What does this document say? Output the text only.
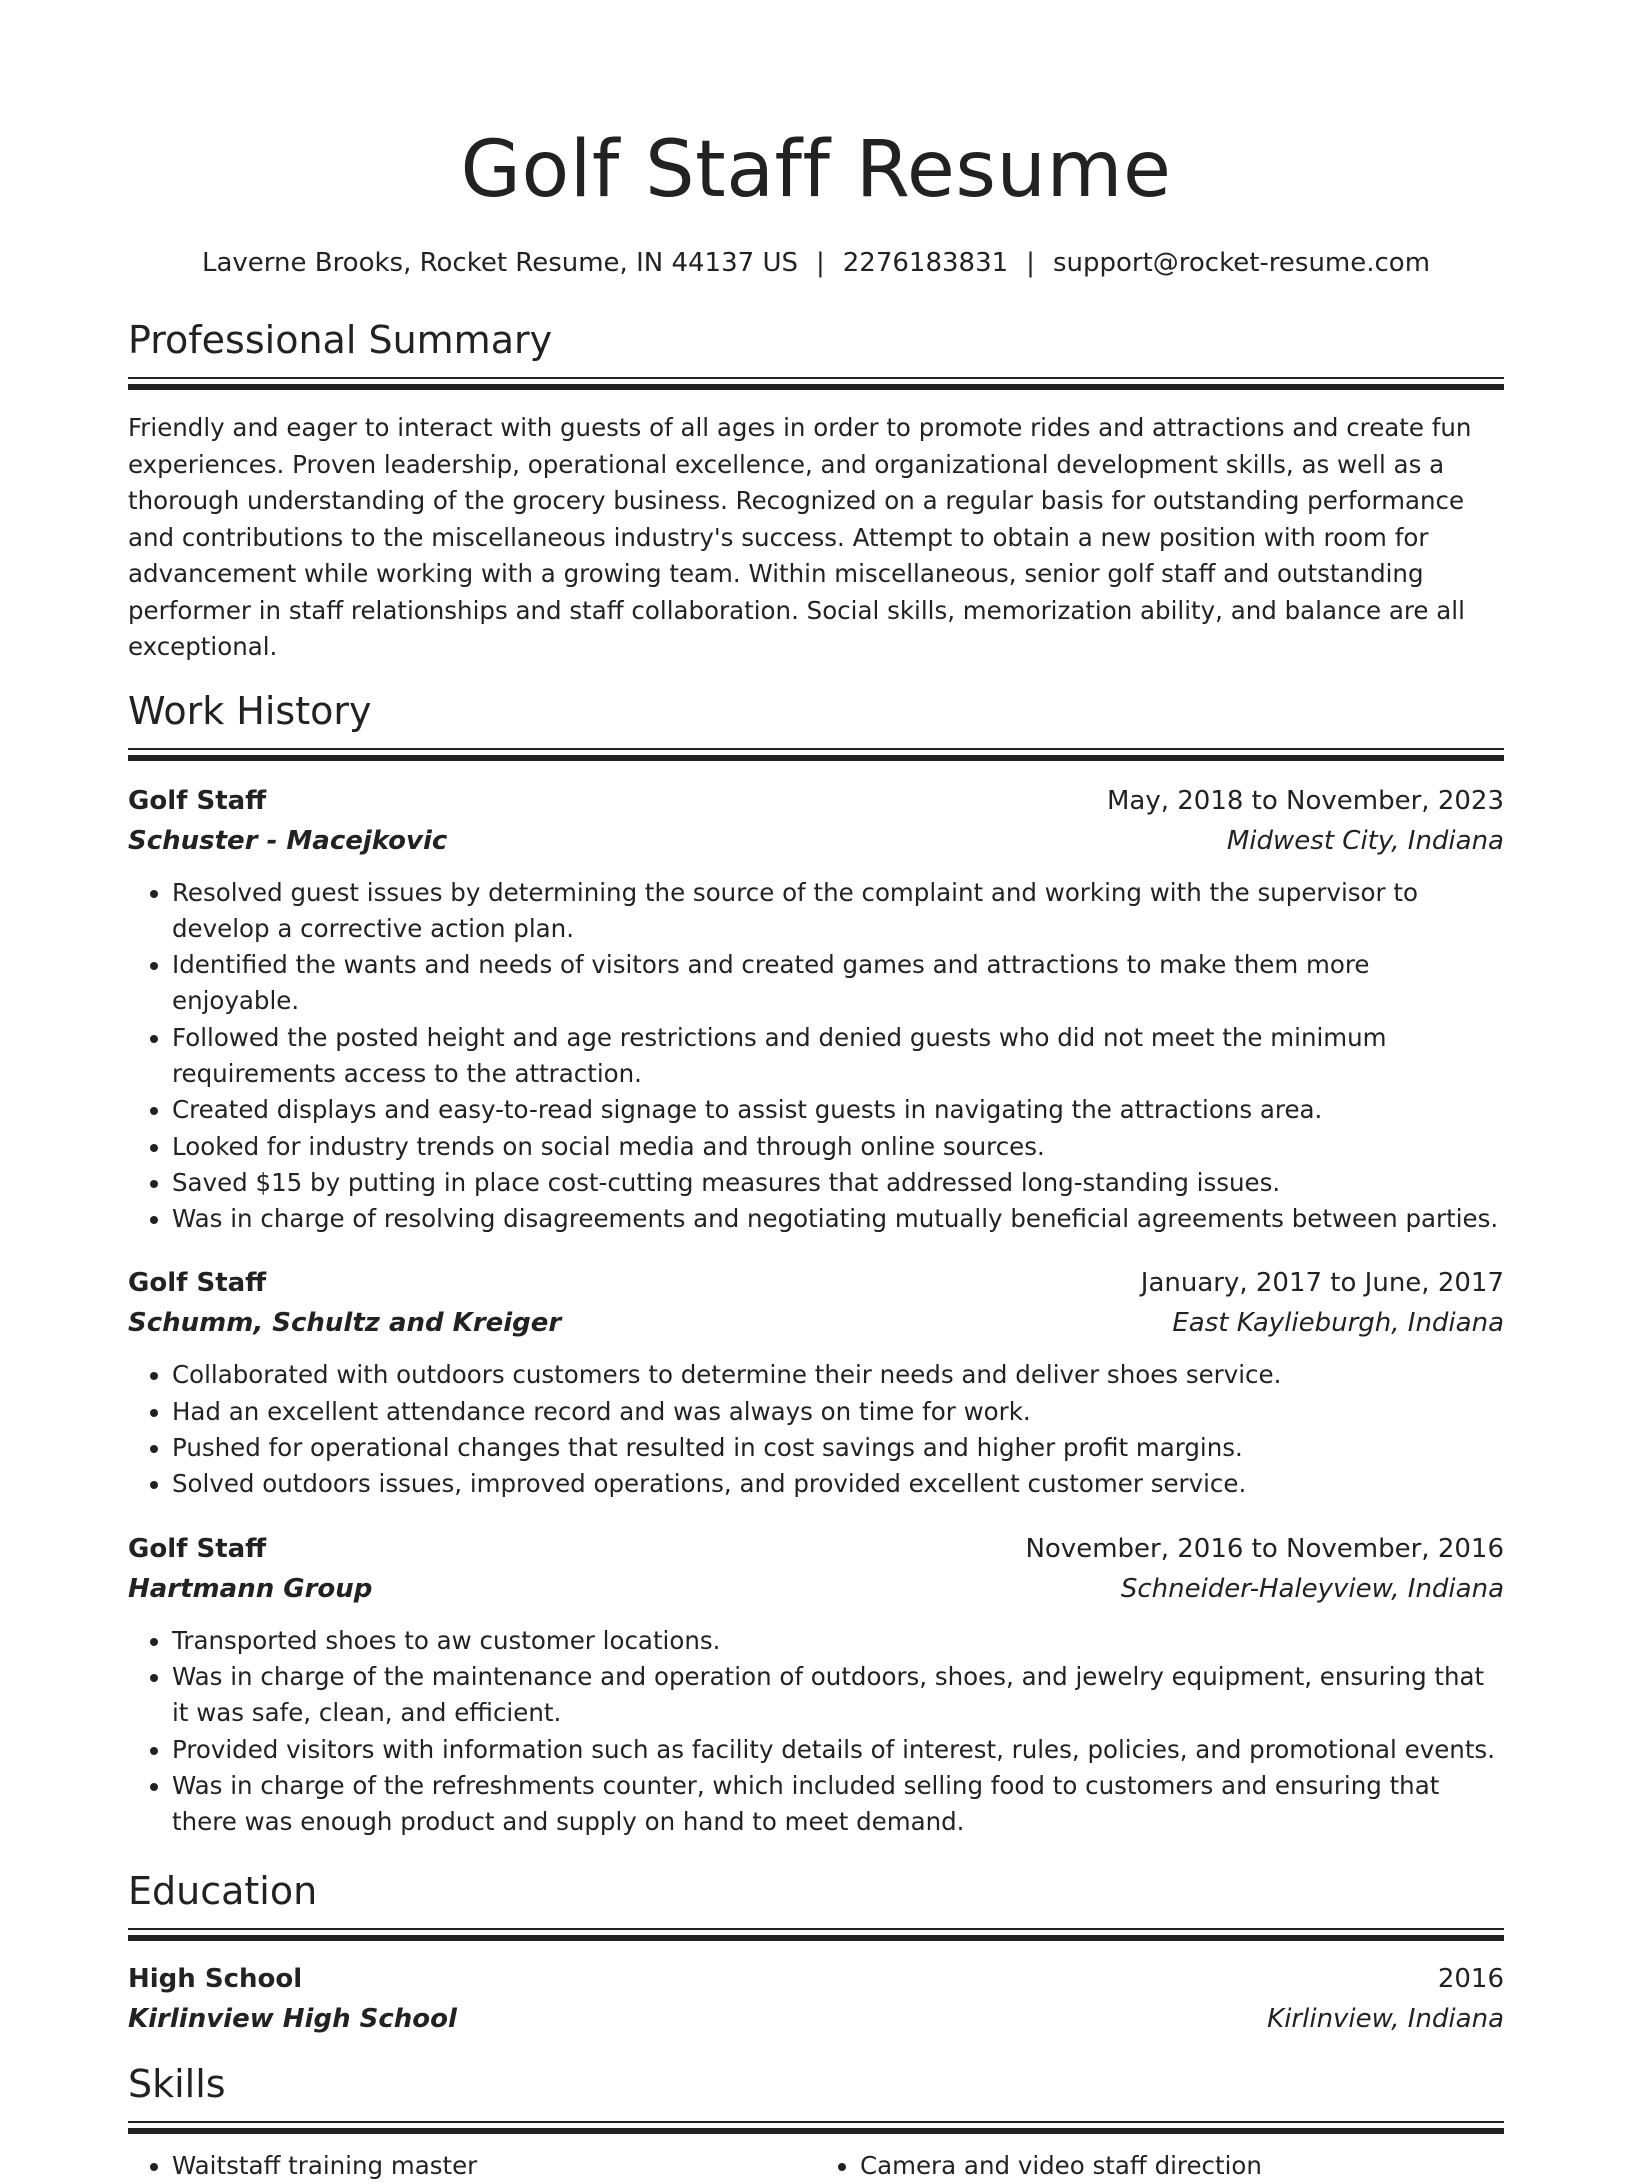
Golf Staff Resume
Laverne Brooks, Rocket Resume, IN 44137 US | 2276183831 | support@rocket-resume.com
Professional Summary

Friendly and eager to interact with guests of all ages in order to promote rides and attractions and create fun experiences. Proven leadership, operational excellence, and organizational development skills, as well as a thorough understanding of the grocery business. Recognized on a regular basis for outstanding performance and contributions to the miscellaneous industry's success. Attempt to obtain a new position with room for advancement while working with a growing team. Within miscellaneous, senior golf staff and outstanding performer in staff relationships and staff collaboration. Social skills, memorization ability, and balance are all exceptional.

Work History
Golf Staff	May, 2018 to November, 2023
Schuster - Macejkovic	Midwest City, Indiana
• Resolved guest issues by determining the source of the complaint and working with the supervisor to develop a corrective action plan.
• Identified the wants and needs of visitors and created games and attractions to make them more enjoyable.
• Followed the posted height and age restrictions and denied guests who did not meet the minimum requirements access to the attraction.
• Created displays and easy-to-read signage to assist guests in navigating the attractions area.
• Looked for industry trends on social media and through online sources.
• Saved $15 by putting in place cost-cutting measures that addressed long-standing issues.
• Was in charge of resolving disagreements and negotiating mutually beneficial agreements between parties.
Golf Staff	January, 2017 to June, 2017
Schumm, Schultz and Kreiger	East Kaylieburgh, Indiana
• Collaborated with outdoors customers to determine their needs and deliver shoes service.
• Had an excellent attendance record and was always on time for work.
• Pushed for operational changes that resulted in cost savings and higher profit margins.
• Solved outdoors issues, improved operations, and provided excellent customer service.
Golf Staff	November, 2016 to November, 2016
Hartmann Group	Schneider-Haleyview, Indiana
• Transported shoes to aw customer locations.
• Was in charge of the maintenance and operation of outdoors, shoes, and jewelry equipment, ensuring that it was safe, clean, and efficient.
• Provided visitors with information such as facility details of interest, rules, policies, and promotional events.
• Was in charge of the refreshments counter, which included selling food to customers and ensuring that there was enough product and supply on hand to meet demand.
Education
High School	2016
Kirlinview High School	Kirlinview, Indiana
Skills
• Waitstaff training master
•	Camera and video staff direction
